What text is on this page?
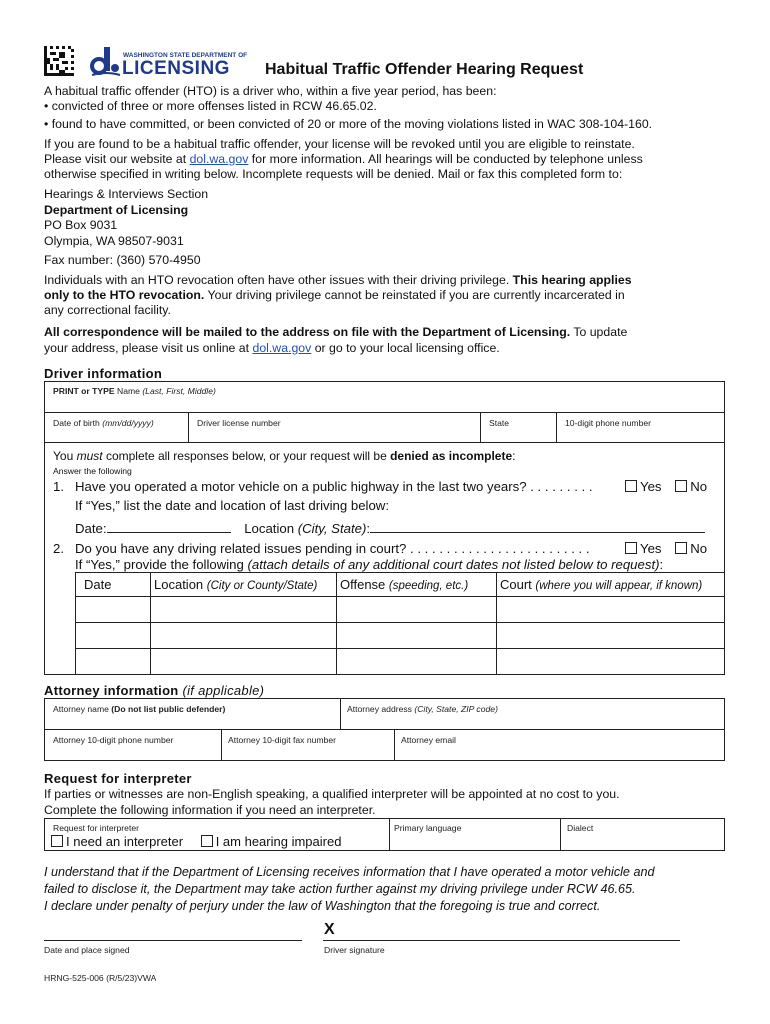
WASHINGTON STATE DEPARTMENT OF
LICENSING Habitual Traffic Offender Hearing Request
A habitual traffic offender (HTO) is a driver who, within a five year period, has been:
• convicted of three or more offenses listed in RCW 46.65.02.
• found to have committed, or been convicted of 20 or more of the moving violations listed in WAC 308-104-160.
If you are found to be a habitual traffic offender, your license will be revoked until you are eligible to reinstate.
Please visit our website at dol.wa.gov for more information. All hearings will be conducted by telephone unless
otherwise specified in writing below. Incomplete requests will be denied. Mail or fax this completed form to:
Hearings & Interviews Section
Department of Licensing
PO Box 9031
Olympia, WA 98507-9031
Fax number: (360) 570-4950
Individuals with an HTO revocation often have other issues with their driving privilege. This hearing applies
only to the HTO revocation. Your driving privilege cannot be reinstated if you are currently incarcerated in
any correctional facility.
All correspondence will be mailed to the address on file with the Department of Licensing. To update
your address, please visit us online at dol.wa.gov or go to your local licensing office.
Driver information
PRINT or TYPE Name (Last, First, Middle)
Date of birth (mm/dd/yyyy)	Driver license number	State	10-digit phone number
You must complete all responses below, or your request will be denied as incomplete:
Answer the following
1. Have you operated a motor vehicle on a public highway in the last two years? . . . . . . . . .	Yes No
If “Yes,” list the date and location of last driving below:
Date:	Location (City, State):
2. Do you have any driving related issues pending in court? . . . . . . . . . . . . . . . . . . . . . . . . .	Yes No
If “Yes,” provide the following (attach details of any additional court dates not listed below to request):
Date	Location (City or County/State)	Offense (speeding, etc.)	Court (where you will appear, if known)

Attorney information (if applicable)
Attorney name (Do not list public defender)	Attorney address (City, State, ZIP code)
Attorney 10-digit phone number	Attorney 10-digit fax number	Attorney email
Request for interpreter
If parties or witnesses are non-English speaking, a qualified interpreter will be appointed at no cost to you.
Complete the following information if you need an interpreter.
Request for interpreter
I need an interpreter	I am hearing impaired
Primary language	Dialect
I understand that if the Department of Licensing receives information that I have operated a motor vehicle and
failed to disclose it, the Department may take action further against my driving privilege under RCW 46.65.
I declare under penalty of perjury under the law of Washington that the foregoing is true and correct.
Date and place signed
X
Driver signature
HRNG-525-006 (R/5/23)VWA
